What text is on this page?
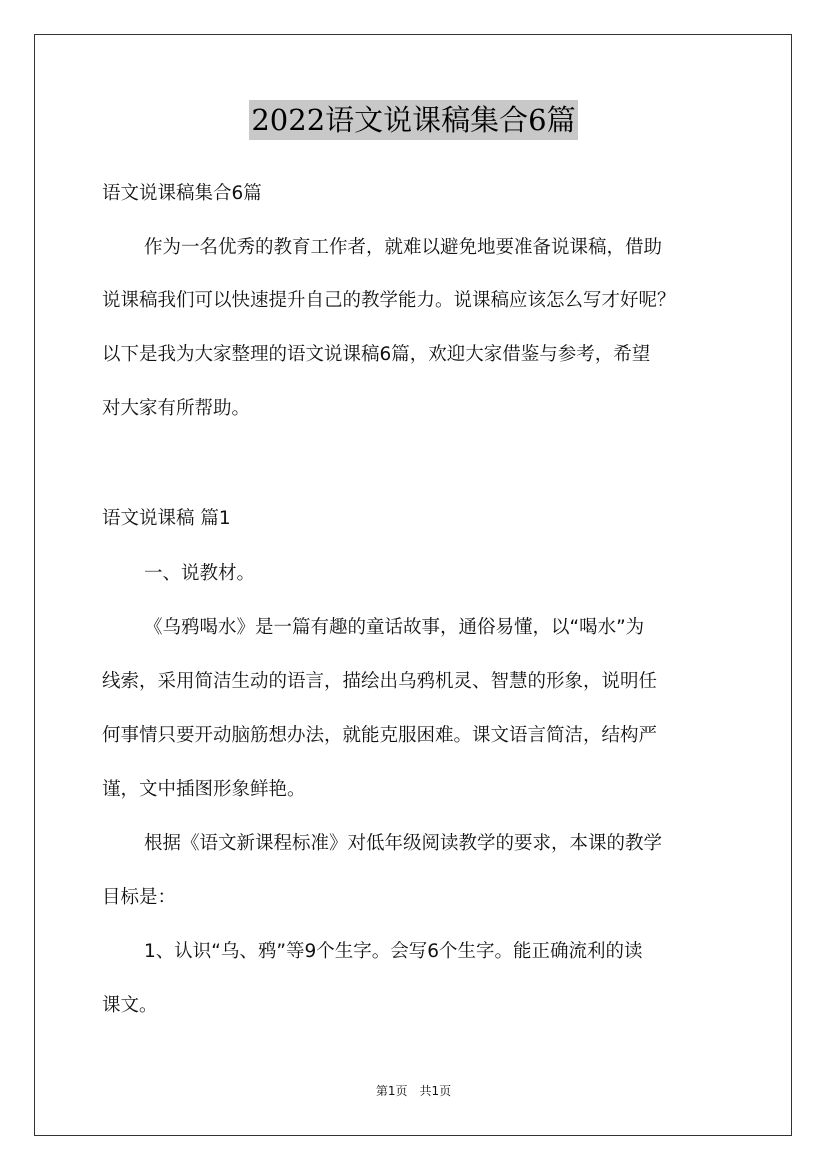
2022语文说课稿集合6篇
语文说课稿集合6篇
作为一名优秀的教育工作者，就难以避免地要准备说课稿，借助
说课稿我们可以快速提升自己的教学能力。说课稿应该怎么写才好呢？
以下是我为大家整理的语文说课稿6篇，欢迎大家借鉴与参考，希望
对大家有所帮助。
语文说课稿 篇1
一、说教材。
《乌鸦喝水》是一篇有趣的童话故事，通俗易懂，以“喝水”为
线索，采用简洁生动的语言，描绘出乌鸦机灵、智慧的形象，说明任
何事情只要开动脑筋想办法，就能克服困难。课文语言简洁，结构严
谨，文中插图形象鲜艳。
根据《语文新课程标准》对低年级阅读教学的要求，本课的教学
目标是：
1、认识“乌、鸦”等9个生字。会写6个生字。能正确流利的读
课文。
第1页　共1页
